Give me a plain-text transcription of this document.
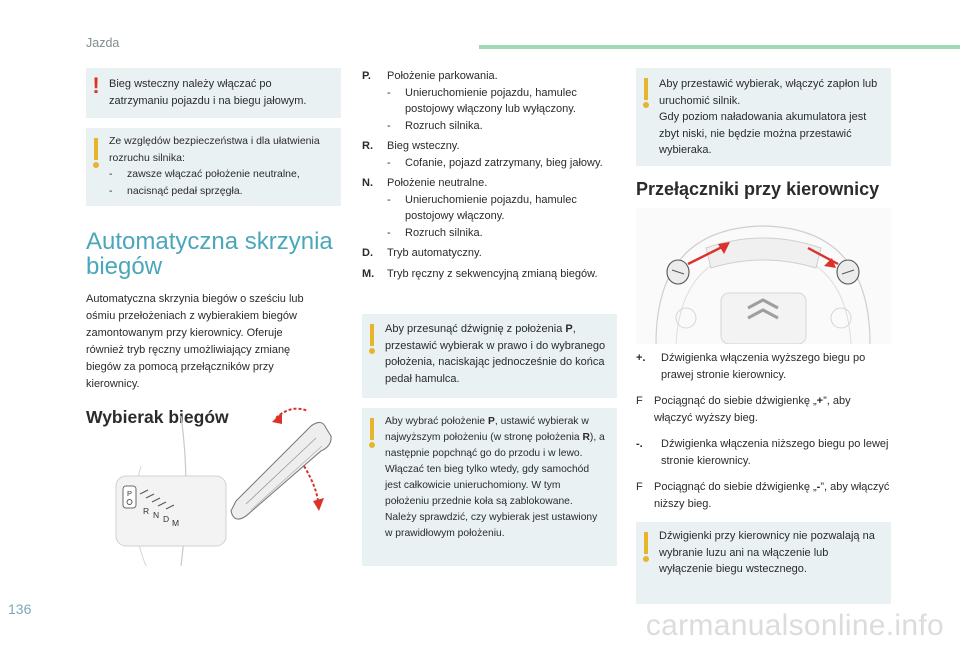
Jazda
136	carmanualsonline.info
! Bieg wsteczny należy włączać po zatrzymaniu pojazdu i na biegu jałowym.
Ze względów bezpieczeństwa i dla ułatwienia rozruchu silnika:
- zawsze włączać położenie neutralne,
- nacisnąć pedał sprzęgła.
Automatyczna skrzynia
biegów
Automatyczna skrzynia biegów o sześciu lub
ośmiu przełożeniach z wybierakiem biegów
zamontowanym przy kierownicy. Oferuje
również tryb ręczny umożliwiający zmianę
biegów za pomocą przełączników przy
kierownicy.
Wybierak biegów
P
R N D M
P. Położenie parkowania.
- Unieruchomienie pojazdu, hamulec postojowy włączony lub wyłączony.
- Rozruch silnika.
R. Bieg wsteczny.
- Cofanie, pojazd zatrzymany, bieg jałowy.
N. Położenie neutralne.
- Unieruchomienie pojazdu, hamulec postojowy włączony.
- Rozruch silnika.
D. Tryb automatyczny.
M. Tryb ręczny z sekwencyjną zmianą biegów.
Aby przesunąć dźwignię z położenia P, przestawić wybierak w prawo i do wybranego położenia, naciskając jednocześnie do końca pedał hamulca.
Aby wybrać położenie P, ustawić wybierak w najwyższym położeniu (w stronę położenia R), a następnie popchnąć go do przodu i w lewo.
Włączać ten bieg tylko wtedy, gdy samochód jest całkowicie unieruchomiony. W tym położeniu przednie koła są zablokowane.
Należy sprawdzić, czy wybierak jest ustawiony w prawidłowym położeniu.
Aby przestawić wybierak, włączyć zapłon lub uruchomić silnik.
Gdy poziom naładowania akumulatora jest zbyt niski, nie będzie można przestawić wybieraka.
Przełączniki przy kierownicy
+. Dźwigienka włączenia wyższego biegu po prawej stronie kierownicy.
F Pociągnąć do siebie dźwigienkę „+”, aby włączyć wyższy bieg.
-. Dźwigienka włączenia niższego biegu po lewej stronie kierownicy.
F Pociągnąć do siebie dźwigienkę „-”, aby włączyć niższy bieg.
Dźwigienki przy kierownicy nie pozwalają na wybranie luzu ani na włączenie lub wyłączenie biegu wstecznego.
